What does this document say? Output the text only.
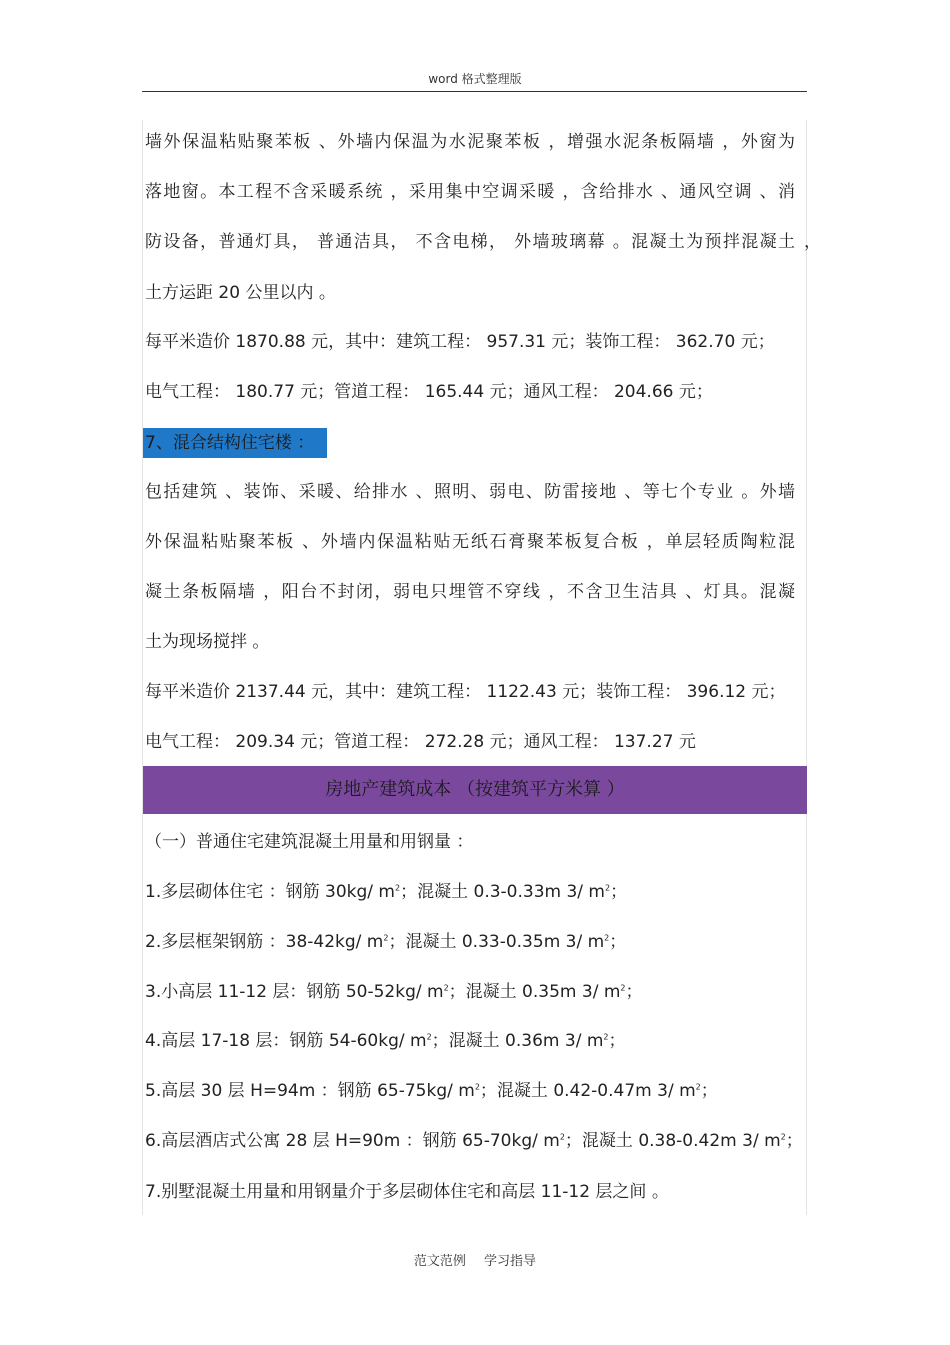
word 格式整理版
墙外保温粘贴聚苯板 、外墙内保温为水泥聚苯板 ，增强水泥条板隔墙 ，外窗为
落地窗。本工程不含采暖系统 ，采用集中空调采暖 ，含给排水 、通风空调 、消
防设备，普通灯具， 普通洁具， 不含电梯， 外墙玻璃幕 。混凝土为预拌混凝土 ，
土方运距 20 公里以内 。
每平米造价 1870.88 元，其中：建筑工程： 957.31 元；装饰工程： 362.70 元；
电气工程： 180.77 元；管道工程： 165.44 元；通风工程： 204.66 元；
7、混合结构住宅楼 ：
包括建筑 、装饰、采暖、给排水 、照明、弱电、防雷接地 、等七个专业 。外墙
外保温粘贴聚苯板 、外墙内保温粘贴无纸石膏聚苯板复合板 ，单层轻质陶粒混
凝土条板隔墙 ，阳台不封闭，弱电只埋管不穿线 ，不含卫生洁具 、灯具。混凝
土为现场搅拌 。
每平米造价 2137.44 元，其中：建筑工程： 1122.43 元；装饰工程： 396.12 元；
电气工程： 209.34 元；管道工程： 272.28 元；通风工程： 137.27 元
房地产建筑成本 （按建筑平方米算 ）
（一）普通住宅建筑混凝土用量和用钢量 ：
1.多层砌体住宅 ：钢筋 30kg/ $m^2$；混凝土 0.3-0.33m 3/ $m^2$；
2.多层框架钢筋 ：38-42kg/ $m^2$；混凝土 0.33-0.35m 3/ $m^2$；
3.小高层 11-12 层：钢筋 50-52kg/ $m^2$；混凝土 0.35m 3/ $m^2$；
4.高层 17-18 层：钢筋 54-60kg/ $m^2$；混凝土 0.36m 3/ $m^2$；
5.高层 30 层 H=94m ：钢筋 65-75kg/ $m^2$；混凝土 0.42-0.47m 3/ $m^2$；
6.高层酒店式公寓 28 层 H=90m ：钢筋 65-70kg/ $m^2$；混凝土 0.38-0.42m 3/ $m^2$；
7.别墅混凝土用量和用钢量介于多层砌体住宅和高层 11-12 层之间 。
范文范例 学习指导
